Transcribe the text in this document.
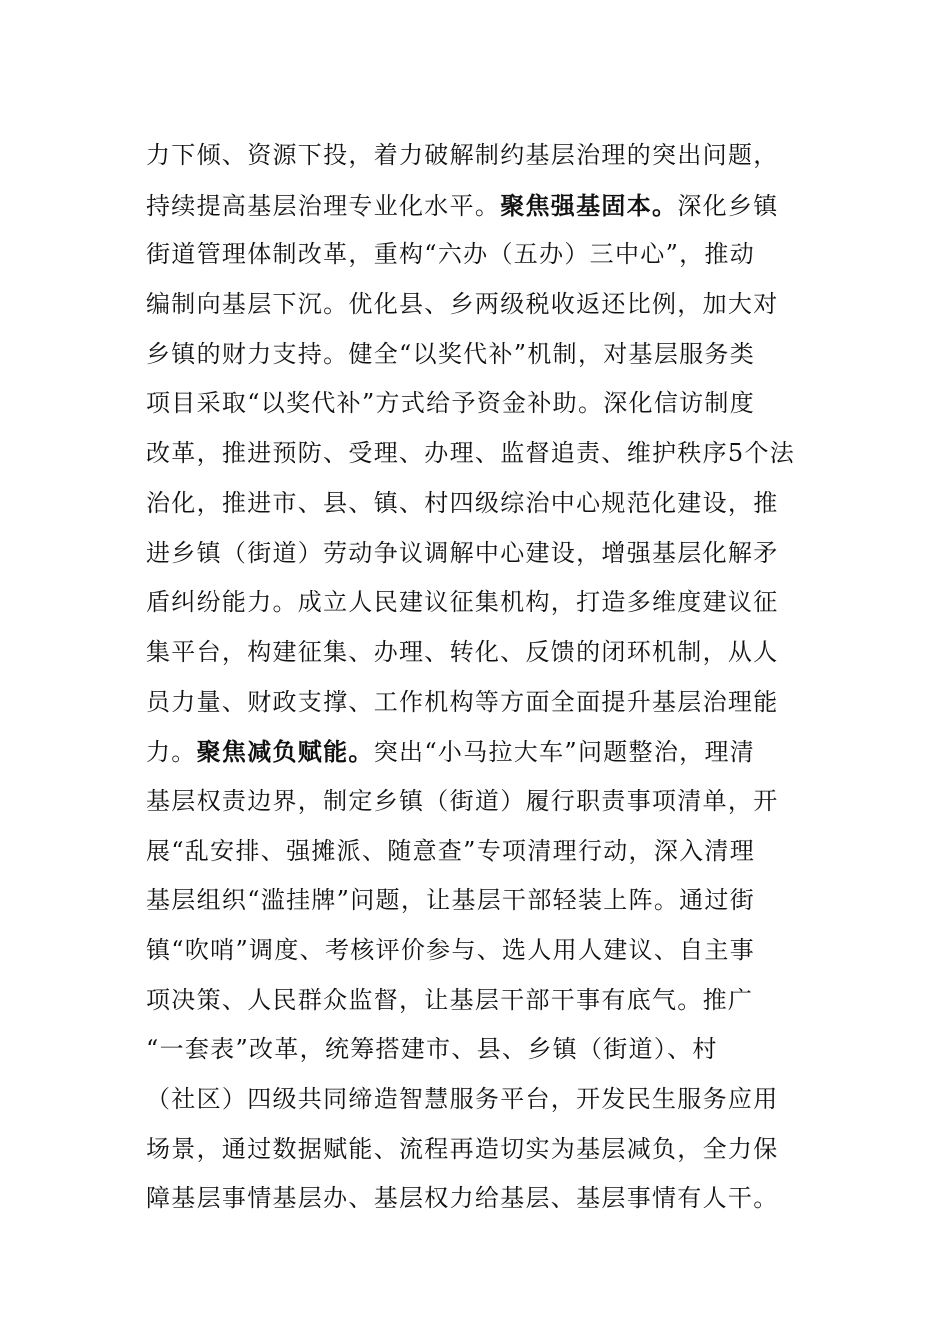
力下倾、资源下投，着力破解制约基层治理的突出问题，
持续提高基层治理专业化水平。聚焦强基固本。深化乡镇
街道管理体制改革，重构“六办（五办）三中心”，推动
编制向基层下沉。优化县、乡两级税收返还比例，加大对
乡镇的财力支持。健全“以奖代补”机制，对基层服务类
项目采取“以奖代补”方式给予资金补助。深化信访制度
改革，推进预防、受理、办理、监督追责、维护秩序5个法
治化，推进市、县、镇、村四级综治中心规范化建设，推
进乡镇（街道）劳动争议调解中心建设，增强基层化解矛
盾纠纷能力。成立人民建议征集机构，打造多维度建议征
集平台，构建征集、办理、转化、反馈的闭环机制，从人
员力量、财政支撑、工作机构等方面全面提升基层治理能
力。聚焦减负赋能。突出“小马拉大车”问题整治，理清
基层权责边界，制定乡镇（街道）履行职责事项清单，开
展“乱安排、强摊派、随意查”专项清理行动，深入清理
基层组织“滥挂牌”问题，让基层干部轻装上阵。通过街
镇“吹哨”调度、考核评价参与、选人用人建议、自主事
项决策、人民群众监督，让基层干部干事有底气。推广
“一套表”改革，统筹搭建市、县、乡镇（街道）、村
（社区）四级共同缔造智慧服务平台，开发民生服务应用
场景，通过数据赋能、流程再造切实为基层减负，全力保
障基层事情基层办、基层权力给基层、基层事情有人干。
